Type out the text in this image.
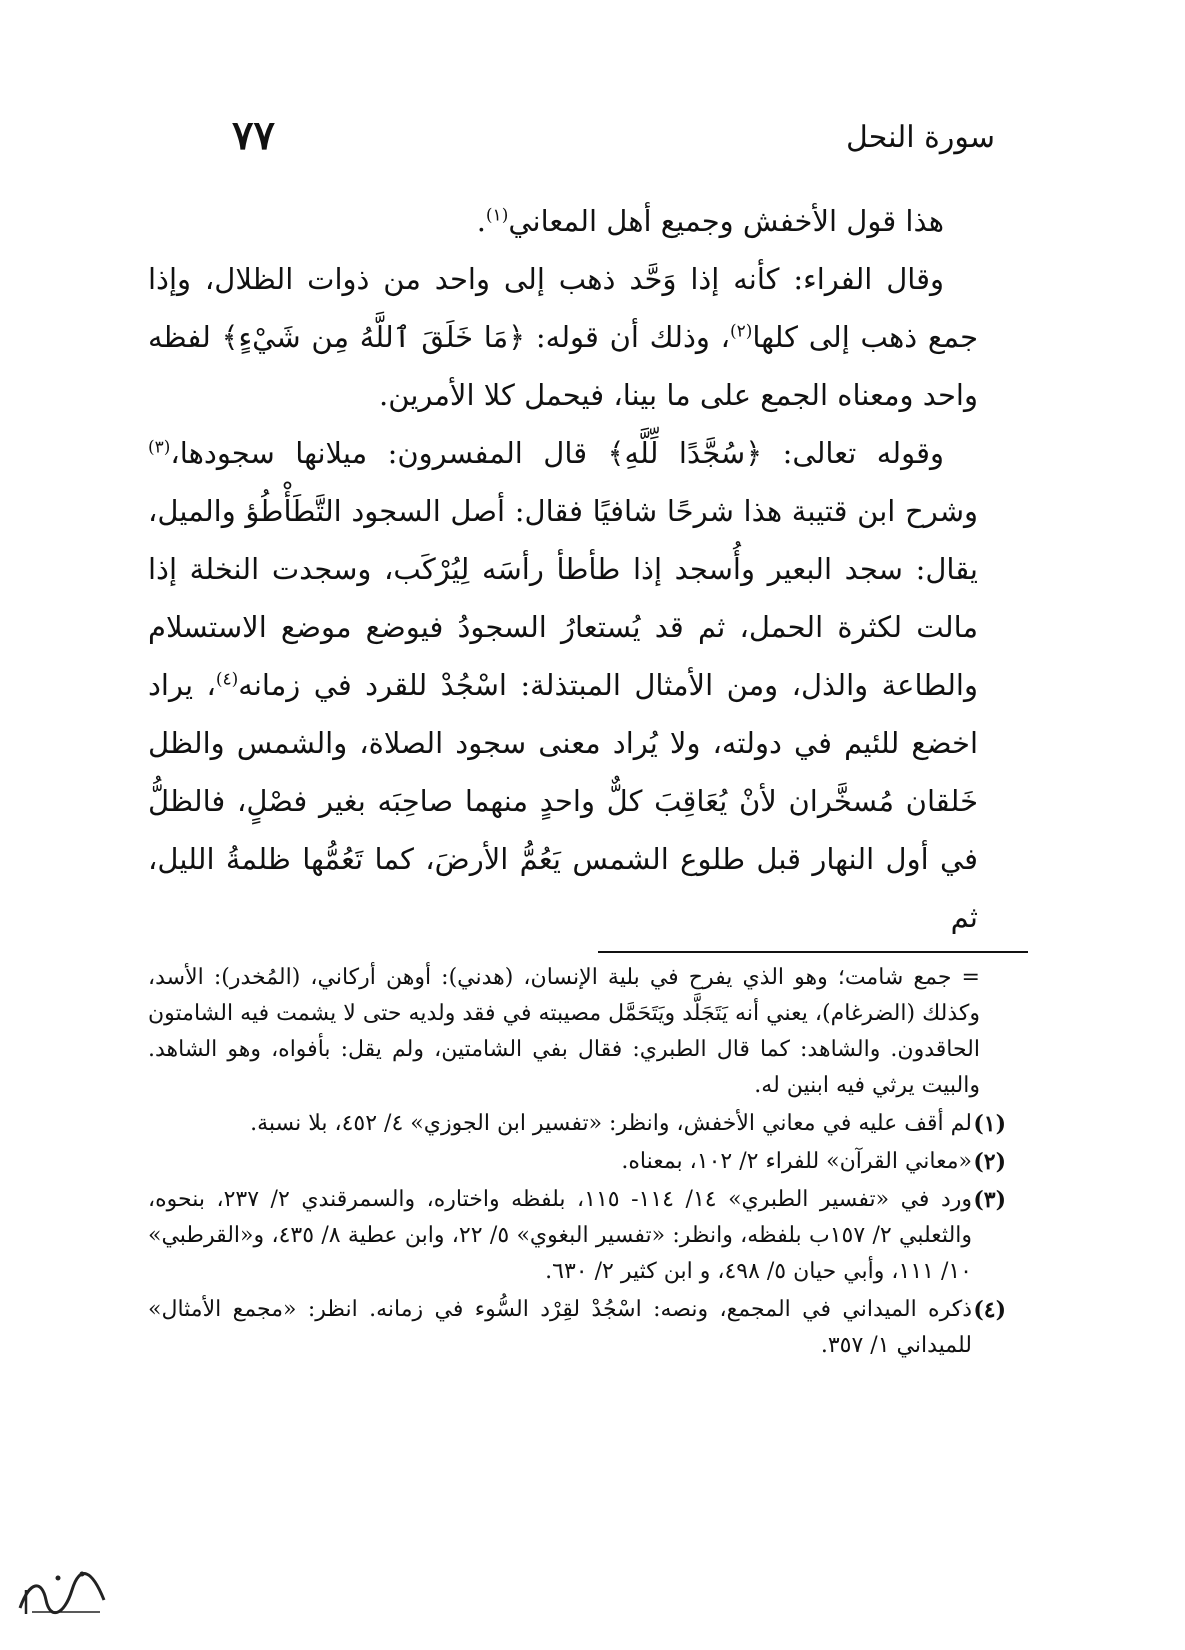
٧٧	سورة النحل

هذا قول الأخفش وجميع أهل المعاني$^{(١)}$.

وقال الفراء: كأنه إذا وَحَّد ذهب إلى واحد من ذوات الظلال، وإذا جمع ذهب إلى كلها$^{(٢)}$، وذلك أن قوله: ﴿مَا خَلَقَ ٱللَّهُ مِن شَيْءٍ﴾ لفظه واحد ومعناه الجمع على ما بينا، فيحمل كلا الأمرين.

وقوله تعالى: ﴿سُجَّدًا لِّلَّهِ﴾ قال المفسرون: ميلانها سجودها،$^{(٣)}$ وشرح ابن قتيبة هذا شرحًا شافيًا فقال: أصل السجود التَّطَأْطُؤ والميل، يقال: سجد البعير وأُسجد إذا طأطأ رأسَه لِيُرْكَب، وسجدت النخلة إذا مالت لكثرة الحمل، ثم قد يُستعارُ السجودُ فيوضع موضع الاستسلام والطاعة والذل، ومن الأمثال المبتذلة: اسْجُدْ للقرد في زمانه$^{(٤)}$، يراد اخضع للئيم في دولته، ولا يُراد معنى سجود الصلاة، والشمس والظل خَلقان مُسخَّران لأنْ يُعَاقِبَ كلٌّ واحدٍ منهما صاحِبَه بغير فصْلٍ، فالظلُّ في أول النهار قبل طلوع الشمس يَعُمُّ الأرضَ، كما تَعُمُّها ظلمةُ الليل، ثم

= جمع شامت؛ وهو الذي يفرح في بلية الإنسان، (هدني): أوهن أركاني، (المُخدر): الأسد، وكذلك (الضرغام)، يعني أنه يَتَجَلَّد ويَتَحَمَّل مصيبته في فقد ولديه حتى لا يشمت فيه الشامتون الحاقدون. والشاهد: كما قال الطبري: فقال بفي الشامتين، ولم يقل: بأفواه، وهو الشاهد. والبيت يرثي فيه ابنين له.

(١)
لم أقف عليه في معاني الأخفش، وانظر: «تفسير ابن الجوزي» ٤/ ٤٥٢، بلا نسبة.
(٢)
«معاني القرآن» للفراء ٢/ ١٠٢، بمعناه.
(٣)
ورد في «تفسير الطبري» ١٤/ ١١٤- ١١٥، بلفظه واختاره، والسمرقندي ٢/ ٢٣٧، بنحوه، والثعلبي ٢/ ١٥٧ب بلفظه، وانظر: «تفسير البغوي» ٥/ ٢٢، وابن عطية ٨/ ٤٣٥، و«القرطبي» ١٠/ ١١١، وأبي حيان ٥/ ٤٩٨، و ابن كثير ٢/ ٦٣٠.
(٤)
ذكره الميداني في المجمع، ونصه: اسْجُدْ لقِرْد السُّوء في زمانه. انظر: «مجمع الأمثال» للميداني ١/ ٣٥٧.
